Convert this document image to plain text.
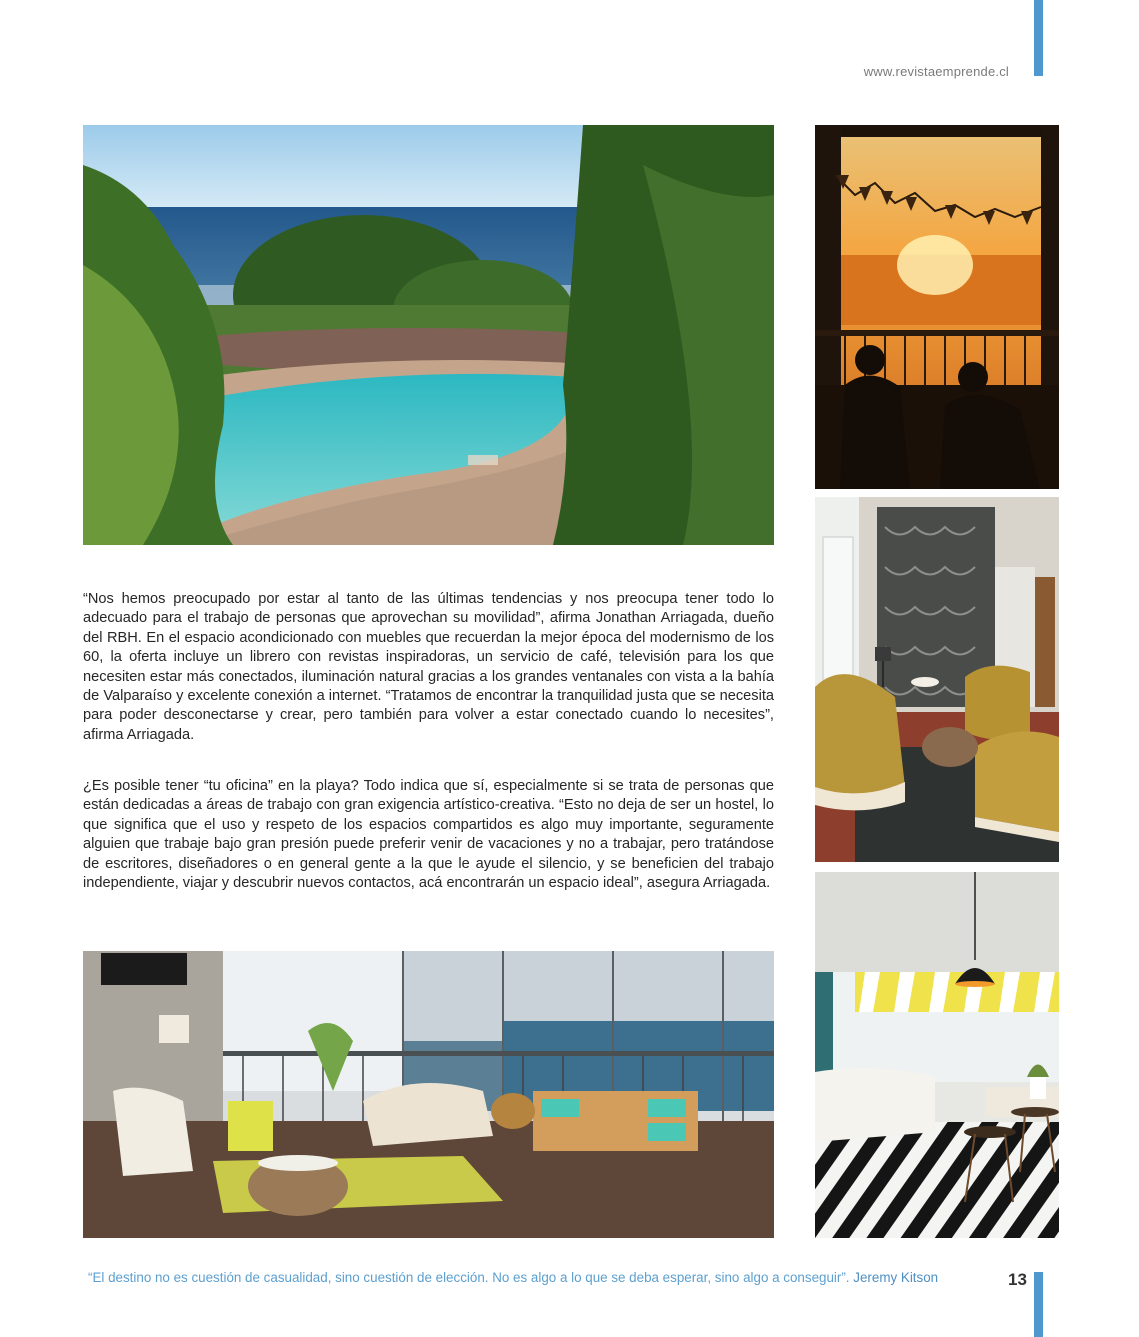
www.revistaemprende.cl

“Nos hemos preocupado por estar al tanto de las últimas tendencias y nos preocupa tener todo lo adecuado para el trabajo de personas que aprovechan su movilidad”, afirma Jonathan Arriagada, dueño del RBH. En el espacio acondicionado con muebles que recuerdan la mejor época del modernismo de los 60, la oferta incluye un librero con revistas inspiradoras, un servicio de café, televisión para los que necesiten estar más conectados, iluminación natural gracias a los grandes ventanales con vista a la bahía de Valparaíso y excelente conexión a internet. “Tratamos de encontrar la tranquilidad justa que se necesita para poder desconectarse y crear, pero también para volver a estar conectado cuando lo necesites”, afirma Arriagada.

¿Es posible tener “tu oficina” en la playa? Todo indica que sí, especialmente si se trata de personas que están dedicadas a áreas de trabajo con gran exigencia artístico-creativa. “Esto no deja de ser un hostel, lo que significa que el uso y respeto de los espacios compartidos es algo muy importante, seguramente alguien que trabaje bajo gran presión puede preferir venir de vacaciones y no a trabajar, pero tratándose de escritores, diseñadores o en general gente a la que le ayude el silencio, y se beneficien del trabajo independiente, viajar y descubrir nuevos contactos, acá encontrarán un espacio ideal”, asegura Arriagada.

“El destino no es cuestión de casualidad, sino cuestión de elección. No es algo a lo que se deba esperar, sino algo a conseguir”. Jeremy Kitson	13
